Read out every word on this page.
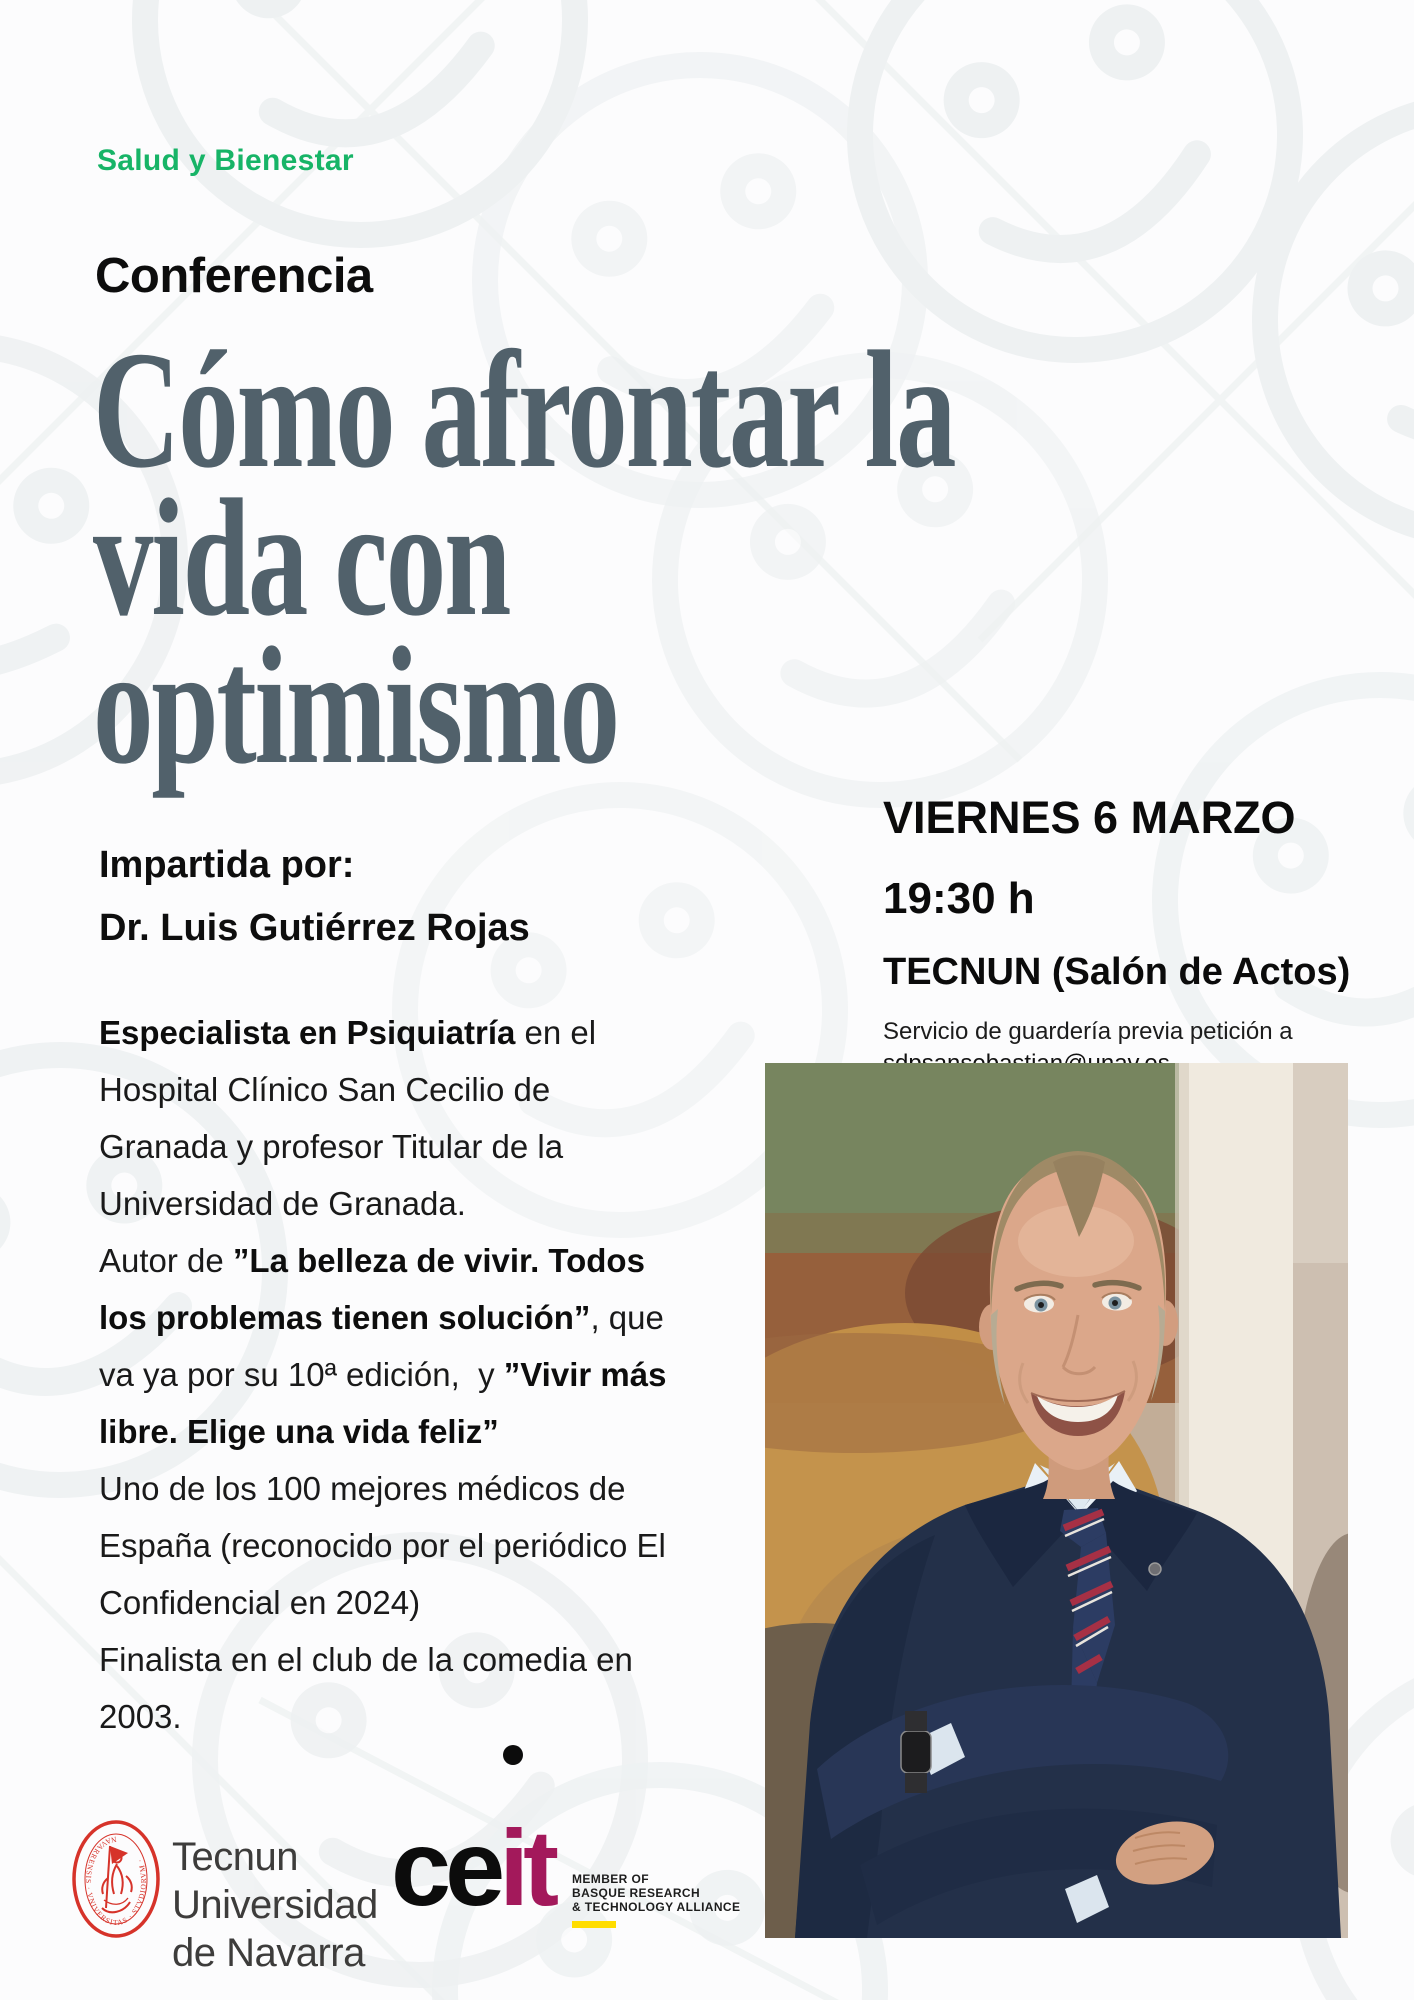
Salud y Bienestar
Conferencia
Cómo afrontar la
vida con
optimismo
Impartida por:
Dr. Luis Gutiérrez Rojas
VIERNES 6 MARZO
19:30 h
TECNUN (Salón de Actos)
Servicio de guardería previa petición a
Especialista en Psiquiatría en el
Hospital Clínico San Cecilio de
Granada y profesor Titular de la
Universidad de Granada.
Autor de ”La belleza de vivir. Todos
los problemas tienen solución”, que
va ya por su 10ª edición,  y ”Vivir más
libre. Elige una vida feliz”
Uno de los 100 mejores médicos de
España (reconocido por el periódico El
Confidencial en 2024)
Finalista en el club de la comedia en
2003.
NAVARRENSIS · VNIVERSITAS · STVDIORVM · Tecnun
Universidad
de Navarra
ce
it MEMBER OF
BASQUE RESEARCH
& TECHNOLOGY ALLIANCE
